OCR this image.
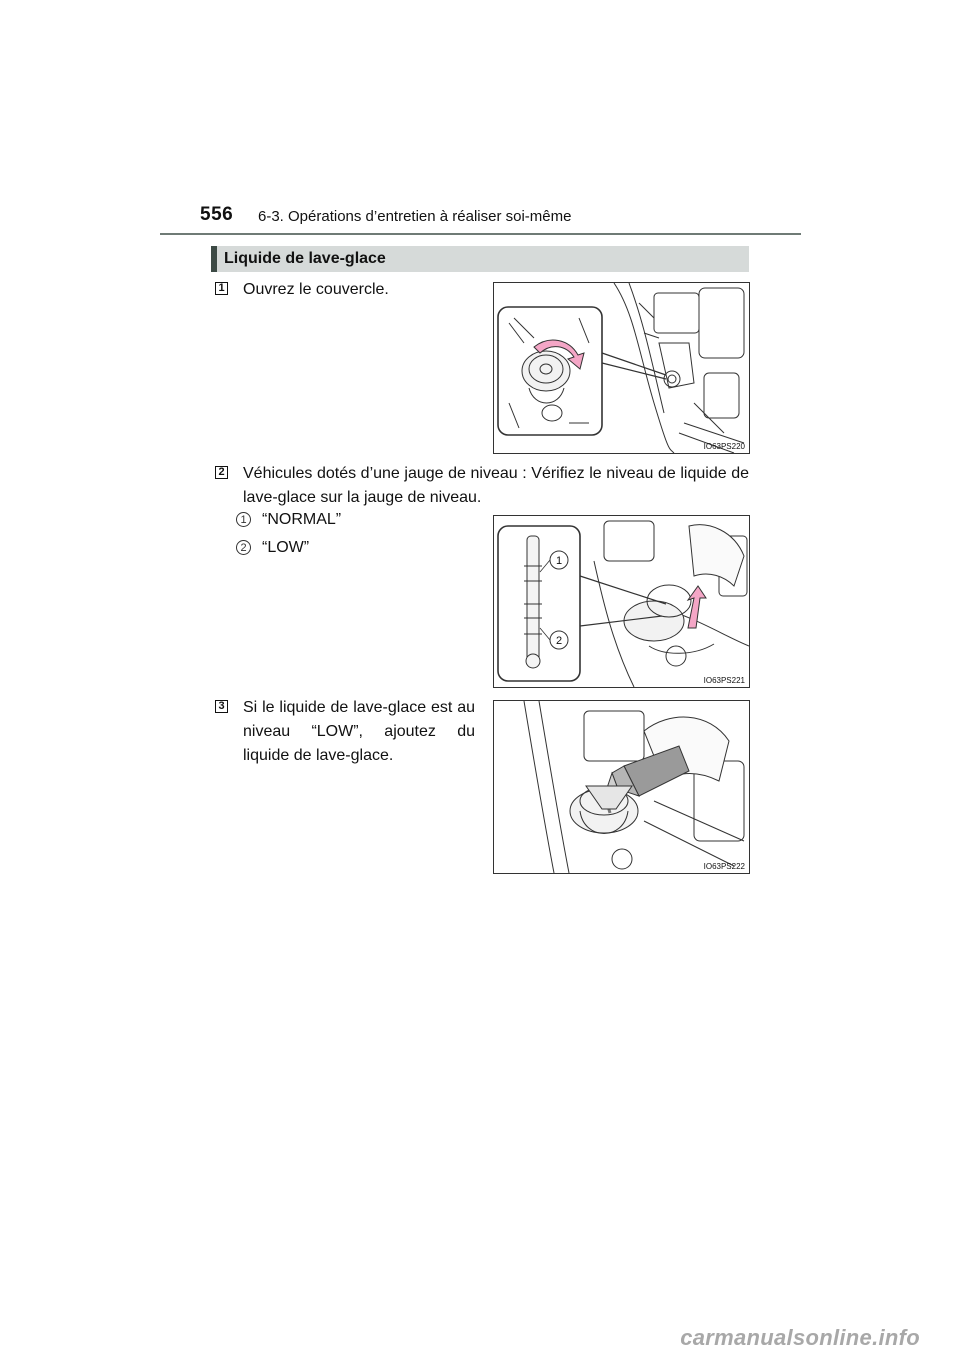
556 6-3. Opérations d’entretien à réaliser soi-même
Liquide de lave-glace
1 Ouvrez le couvercle.
IO63PS220
2 Véhicules dotés d’une jauge de niveau : Vérifiez le niveau de liquide de lave-glace sur la jauge de niveau.
1 “NORMAL”
2 “LOW”
1
2
IO63PS221
3 Si le liquide de lave-glace est au niveau “LOW”, ajoutez du liquide de lave-glace.
IO63PS222
carmanualsonline.info
